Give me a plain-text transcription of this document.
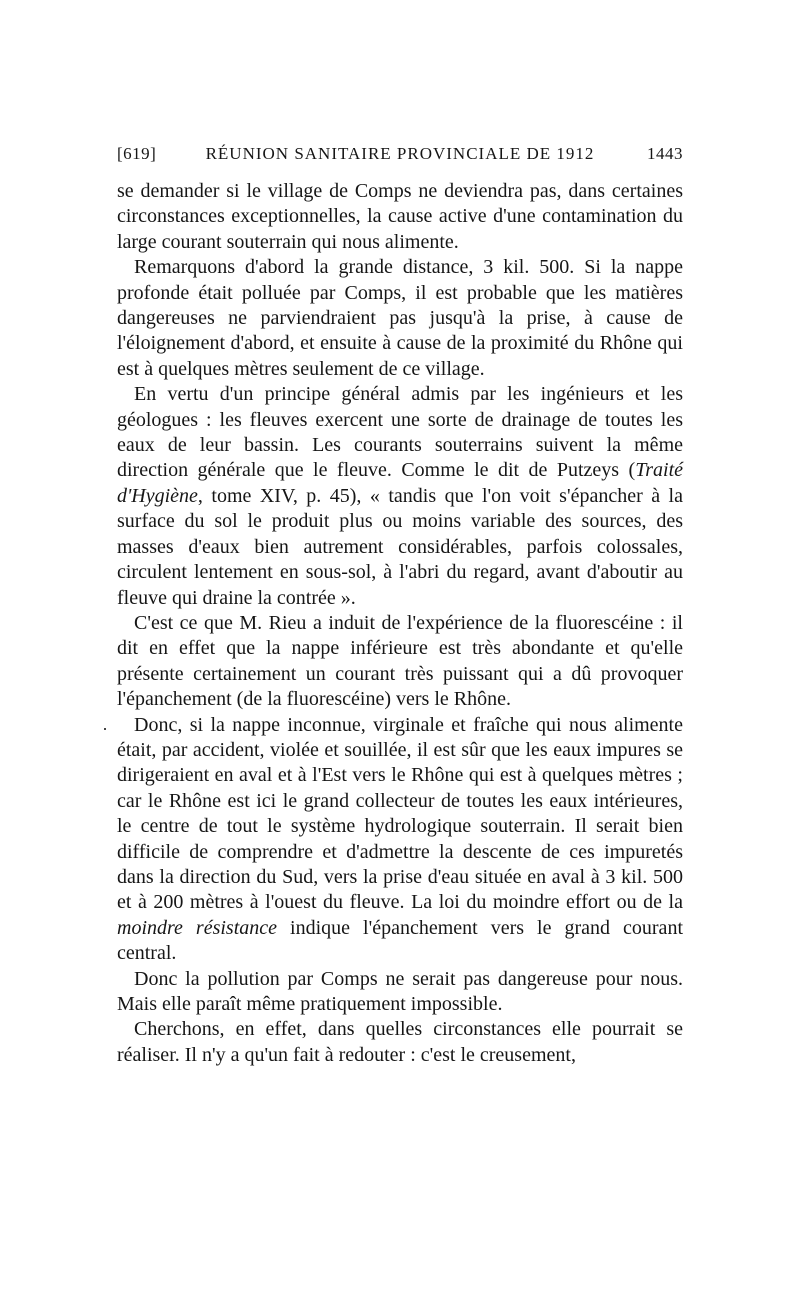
[619]	RÉUNION SANITAIRE PROVINCIALE DE 1912	1443

se demander si le village de Comps ne deviendra pas, dans certaines circonstances exceptionnelles, la cause active d'une contamination du large courant souterrain qui nous alimente.

Remarquons d'abord la grande distance, 3 kil. 500. Si la nappe profonde était polluée par Comps, il est probable que les matières dangereuses ne parviendraient pas jusqu'à la prise, à cause de l'éloignement d'abord, et ensuite à cause de la proximité du Rhône qui est à quelques mètres seulement de ce village.

En vertu d'un principe général admis par les ingénieurs et les géologues : les fleuves exercent une sorte de drainage de toutes les eaux de leur bassin. Les courants souterrains suivent la même direction générale que le fleuve. Comme le dit de Putzeys (Traité d'Hygiène, tome XIV, p. 45), « tandis que l'on voit s'épancher à la surface du sol le produit plus ou moins variable des sources, des masses d'eaux bien autrement considérables, parfois colossales, circulent lentement en sous-sol, à l'abri du regard, avant d'aboutir au fleuve qui draine la contrée ».

C'est ce que M. Rieu a induit de l'expérience de la fluorescéine : il dit en effet que la nappe inférieure est très abondante et qu'elle présente certainement un courant très puissant qui a dû provoquer l'épanchement (de la fluorescéine) vers le Rhône.

Donc, si la nappe inconnue, virginale et fraîche qui nous alimente était, par accident, violée et souillée, il est sûr que les eaux impures se dirigeraient en aval et à l'Est vers le Rhône qui est à quelques mètres ; car le Rhône est ici le grand collecteur de toutes les eaux intérieures, le centre de tout le système hydrologique souterrain. Il serait bien difficile de comprendre et d'admettre la descente de ces impuretés dans la direction du Sud, vers la prise d'eau située en aval à 3 kil. 500 et à 200 mètres à l'ouest du fleuve. La loi du moindre effort ou de la moindre résistance indique l'épanchement vers le grand courant central.

Donc la pollution par Comps ne serait pas dangereuse pour nous. Mais elle paraît même pratiquement impossible.

Cherchons, en effet, dans quelles circonstances elle pourrait se réaliser. Il n'y a qu'un fait à redouter : c'est le creusement,
